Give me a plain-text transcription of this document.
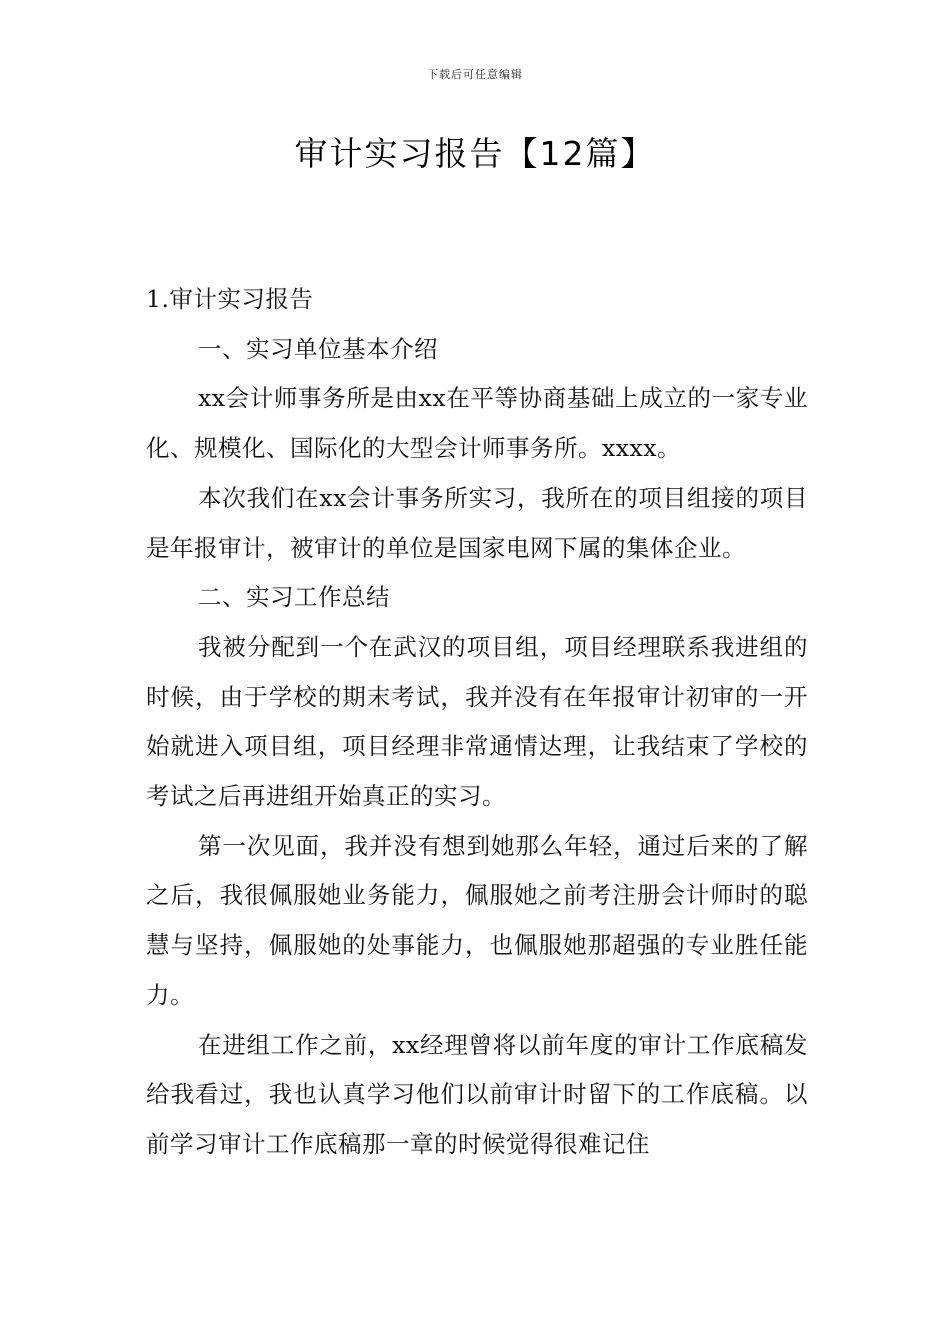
下载后可任意编辑
审计实习报告【12篇】

1.审计实习报告

一、实习单位基本介绍

xx会计师事务所是由xx在平等协商基础上成立的一家专业化、规模化、国际化的大型会计师事务所。xxxx。

本次我们在xx会计事务所实习，我所在的项目组接的项目是年报审计，被审计的单位是国家电网下属的集体企业。

二、实习工作总结

我被分配到一个在武汉的项目组，项目经理联系我进组的时候，由于学校的期末考试，我并没有在年报审计初审的一开始就进入项目组，项目经理非常通情达理，让我结束了学校的考试之后再进组开始真正的实习。

第一次见面，我并没有想到她那么年轻，通过后来的了解之后，我很佩服她业务能力，佩服她之前考注册会计师时的聪慧与坚持，佩服她的处事能力，也佩服她那超强的专业胜任能力。

在进组工作之前，xx经理曾将以前年度的审计工作底稿发给我看过，我也认真学习他们以前审计时留下的工作底稿。以前学习审计工作底稿那一章的时候觉得很难记住
